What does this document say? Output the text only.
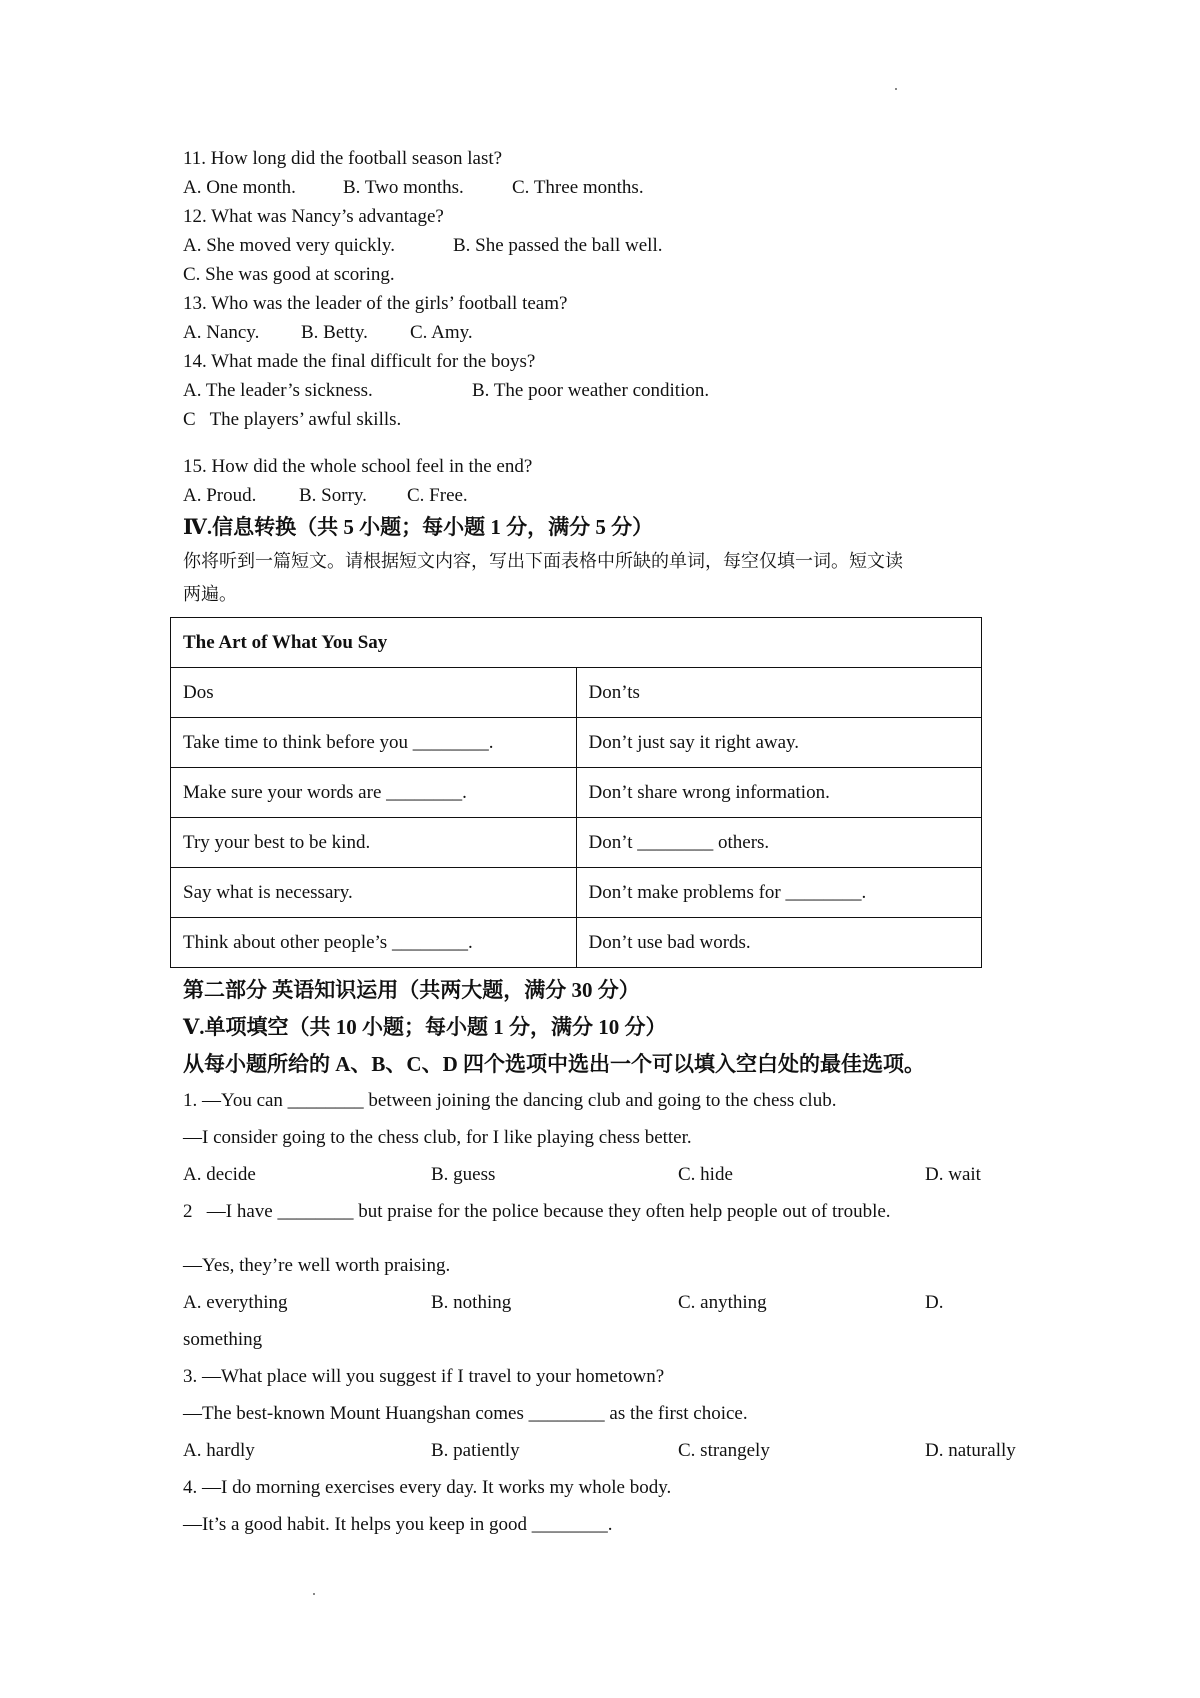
11. How long did the football season last?
A. One month. B. Two months.	C. Three months.
12. What was Nancy’s advantage?
A. She moved very quickly.	B. She passed the ball well.
C. She was good at scoring.
13. Who was the leader of the girls’ football team?
A. Nancy. B. Betty. C. Amy.
14. What made the final difficult for the boys?
A. The leader’s sickness.	B. The poor weather condition.
C   The players’ awful skills.
15. How did the whole school feel in the end?
A. Proud. B. Sorry. C. Free.
Ⅳ.信息转换（共 5 小题；每小题 1 分，满分 5 分）
你将听到一篇短文。请根据短文内容，写出下面表格中所缺的单词，每空仅填一词。短文读
两遍。
The Art of What You Say	
Dos	Don’ts
Take time to think before you ________.	Don’t just say it right away.
Make sure your words are ________.	Don’t share wrong information.
Try your best to be kind.	Don’t ________ others.
Say what is necessary.	Don’t make problems for ________.
Think about other people’s ________.	Don’t use bad words.
第二部分 英语知识运用（共两大题，满分 30 分）
Ⅴ.单项填空（共 10 小题；每小题 1 分，满分 10 分）
从每小题所给的 A、B、C、D 四个选项中选出一个可以填入空白处的最佳选项。
1. —You can ________ between joining the dancing club and going to the chess club.
—I consider going to the chess club, for I like playing chess better.
A. decide	B. guess	C. hide	D. wait
2   —I have ________ but praise for the police because they often help people out of trouble.
—Yes, they’re well worth praising.
A. everything	B. nothing	C. anything	D.
something
3. —What place will you suggest if I travel to your hometown?
—The best-known Mount Huangshan comes ________ as the first choice.
A. hardly	B. patiently	C. strangely	D. naturally
4. —I do morning exercises every day. It works my whole body.
—It’s a good habit. It helps you keep in good ________.
